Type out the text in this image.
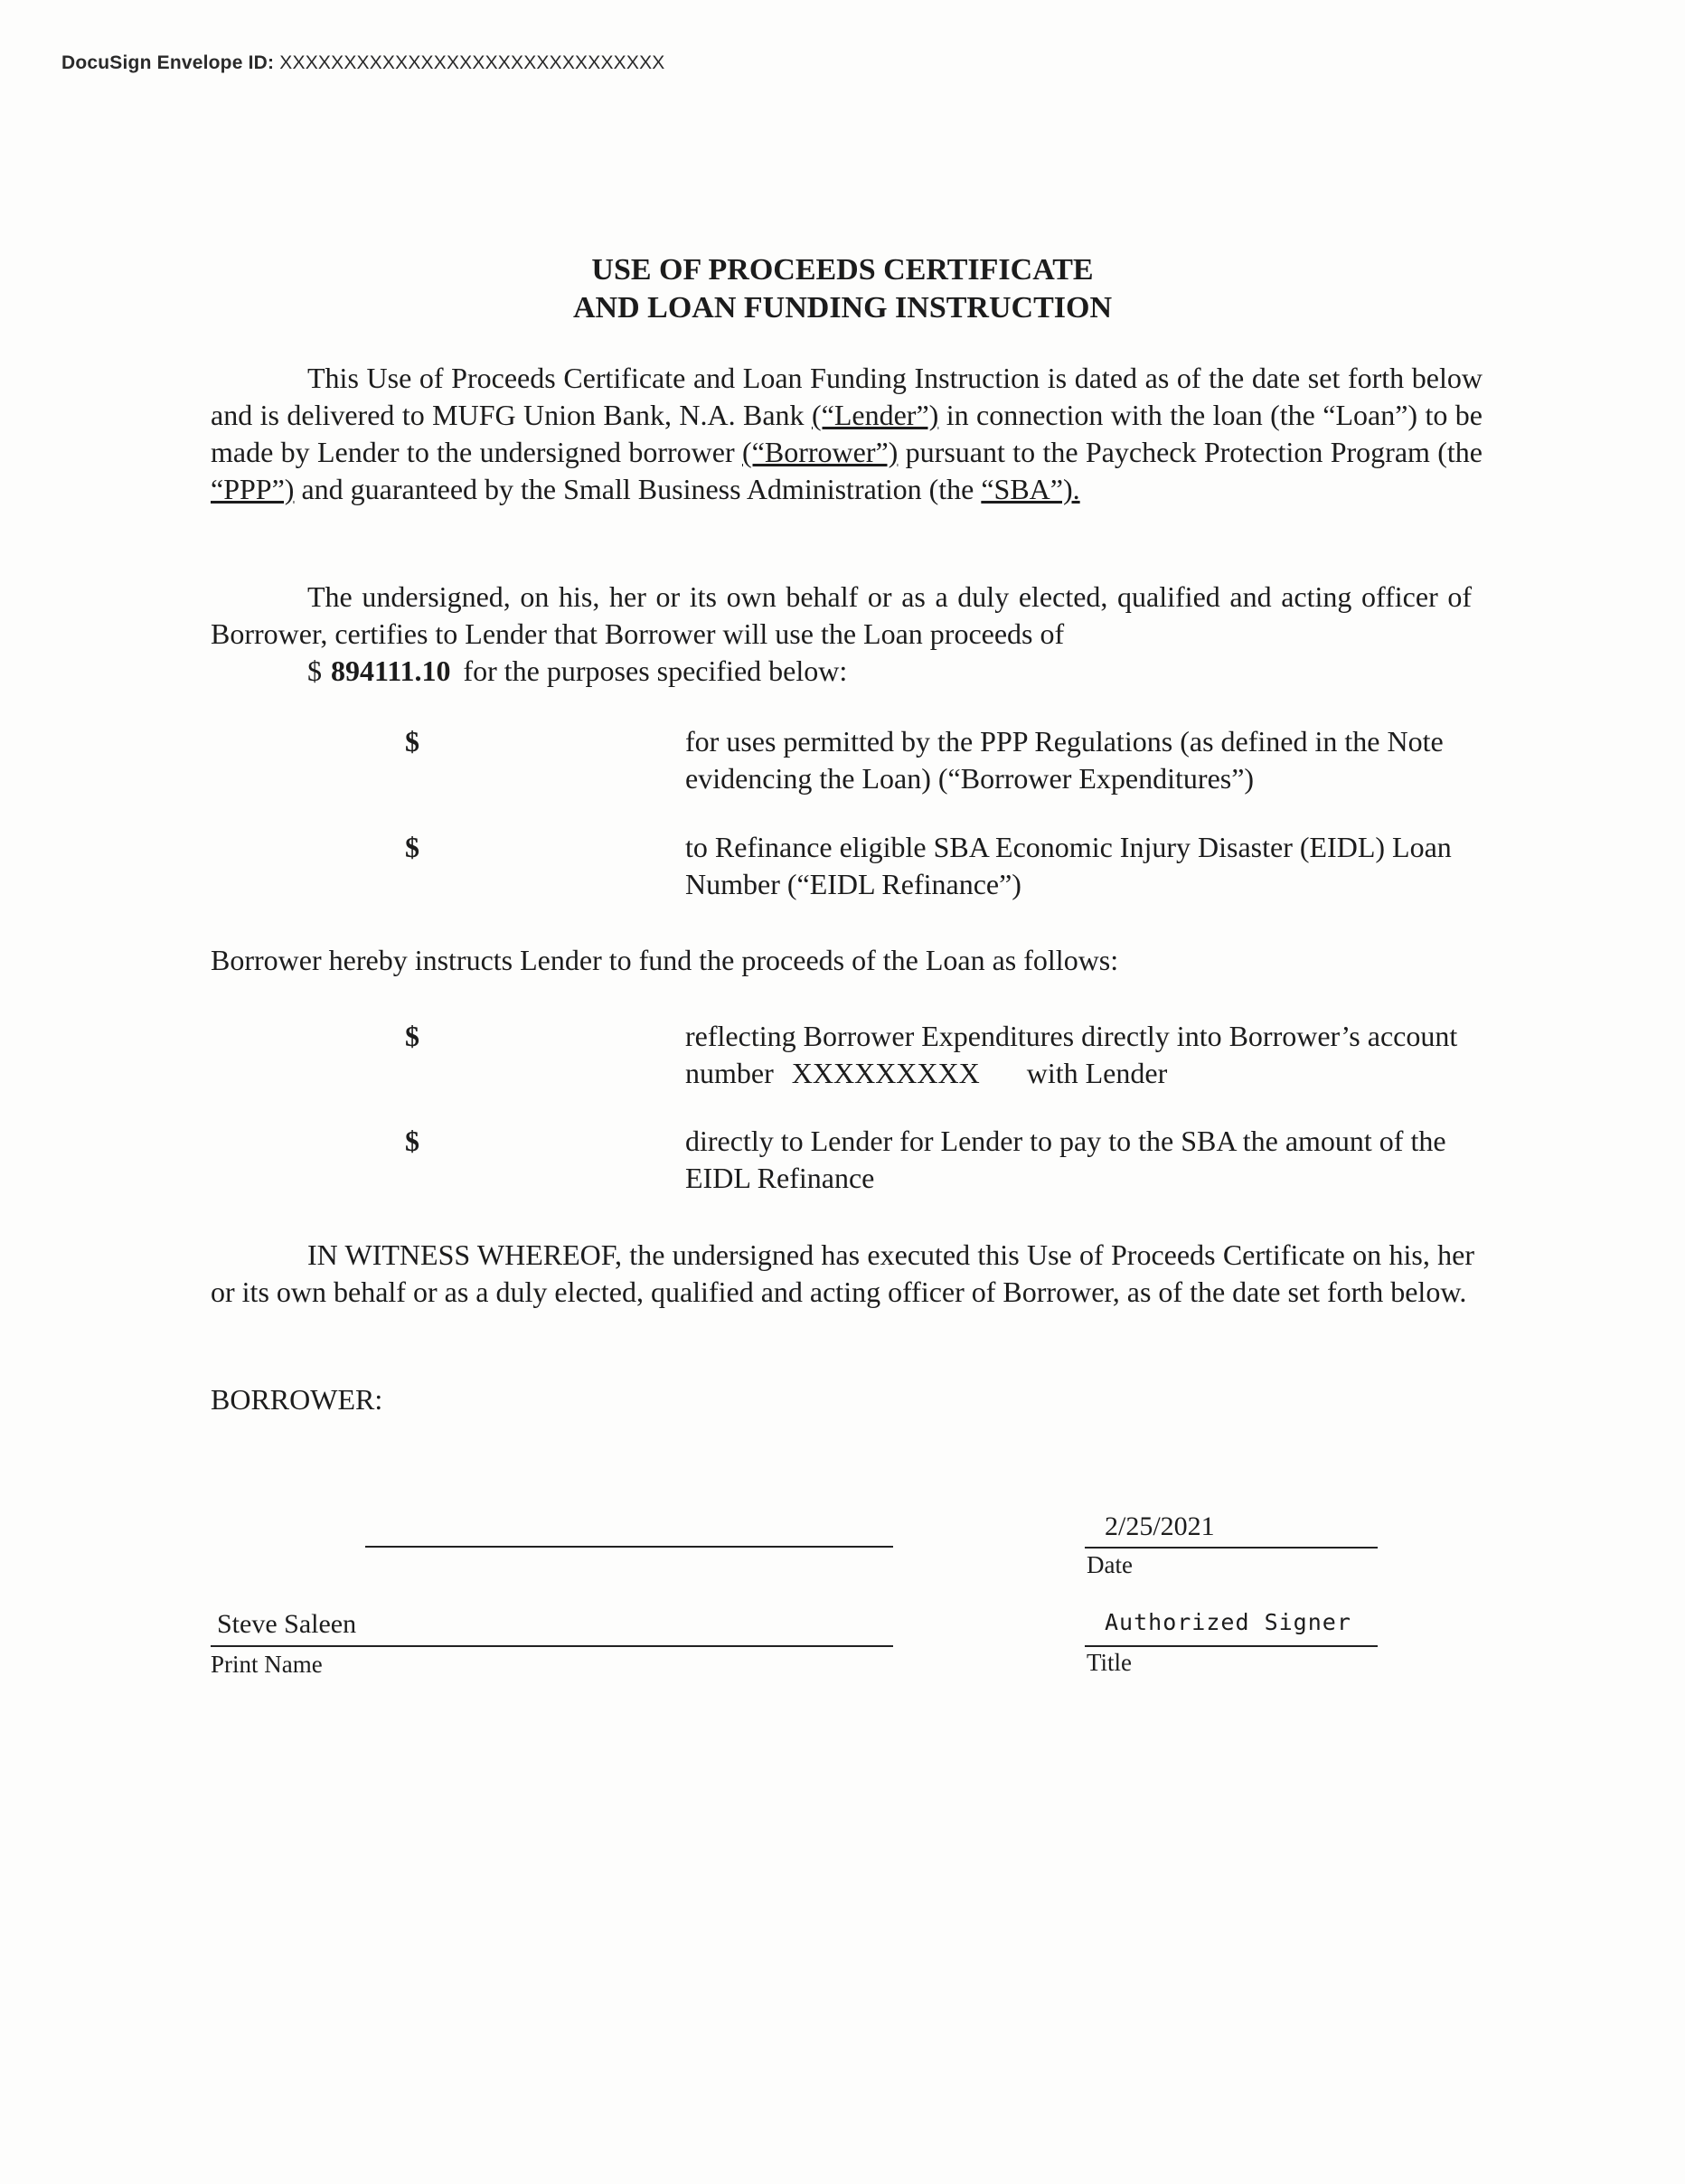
DocuSign Envelope ID: XXXXXXXXXXXXXXXXXXXXXXXXXXXXXX
USE OF PROCEEDS CERTIFICATE
AND LOAN FUNDING INSTRUCTION
This Use of Proceeds Certificate and Loan Funding Instruction is dated as of the date set forth below and is delivered to MUFG Union Bank, N.A. Bank (“Lender”) in connection with the loan (the “Loan”) to be made by Lender to the undersigned borrower (“Borrower”) pursuant to the Paycheck Protection Program (the “PPP”) and guaranteed by the Small Business Administration (the “SBA”).
The undersigned, on his, her or its own behalf or as a duly elected, qualified and acting officer of Borrower, certifies to Lender that Borrower will use the Loan proceeds of
$ 894111.10 for the purposes specified below:
$	for uses permitted by the PPP Regulations (as defined in the Note evidencing the Loan) (“Borrower Expenditures”)
$	to Refinance eligible SBA Economic Injury Disaster (EIDL) Loan Number (“EIDL Refinance”)
Borrower hereby instructs Lender to fund the proceeds of the Loan as follows:
$	reflecting Borrower Expenditures directly into Borrower’s account number XXXXXXXXX with Lender
$	directly to Lender for Lender to pay to the SBA the amount of the EIDL Refinance
IN WITNESS WHEREOF, the undersigned has executed this Use of Proceeds Certificate on his, her or its own behalf or as a duly elected, qualified and acting officer of Borrower, as of the date set forth below.
BORROWER:
2/25/2021
Date
Steve Saleen
Print Name
Authorized Signer
Title
